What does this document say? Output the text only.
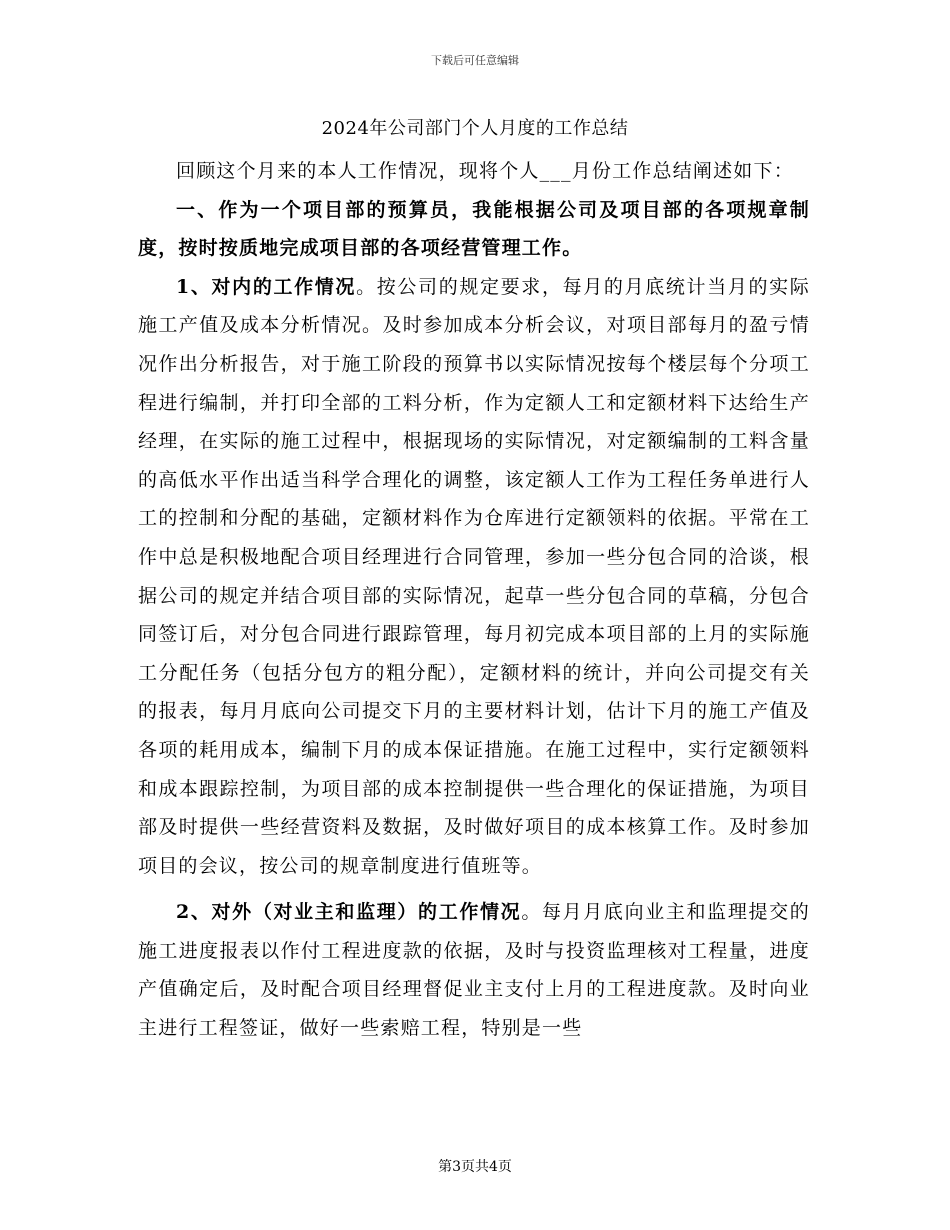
下载后可任意编辑
2024年公司部门个人月度的工作总结

回顾这个月来的本人工作情况，现将个人___月份工作总结阐述如下：

一、作为一个项目部的预算员，我能根据公司及项目部的各项规章制度，按时按质地完成项目部的各项经营管理工作。

1、对内的工作情况。按公司的规定要求，每月的月底统计当月的实际施工产值及成本分析情况。及时参加成本分析会议，对项目部每月的盈亏情况作出分析报告，对于施工阶段的预算书以实际情况按每个楼层每个分项工程进行编制，并打印全部的工料分析，作为定额人工和定额材料下达给生产经理，在实际的施工过程中，根据现场的实际情况，对定额编制的工料含量的高低水平作出适当科学合理化的调整，该定额人工作为工程任务单进行人工的控制和分配的基础，定额材料作为仓库进行定额领料的依据。平常在工作中总是积极地配合项目经理进行合同管理，参加一些分包合同的洽谈，根据公司的规定并结合项目部的实际情况，起草一些分包合同的草稿，分包合同签订后，对分包合同进行跟踪管理，每月初完成本项目部的上月的实际施工分配任务（包括分包方的粗分配），定额材料的统计，并向公司提交有关的报表，每月月底向公司提交下月的主要材料计划，估计下月的施工产值及各项的耗用成本，编制下月的成本保证措施。在施工过程中，实行定额领料和成本跟踪控制，为项目部的成本控制提供一些合理化的保证措施，为项目部及时提供一些经营资料及数据，及时做好项目的成本核算工作。及时参加项目的会议，按公司的规章制度进行值班等。

2、对外（对业主和监理）的工作情况。每月月底向业主和监理提交的施工进度报表以作付工程进度款的依据，及时与投资监理核对工程量，进度产值确定后，及时配合项目经理督促业主支付上月的工程进度款。及时向业主进行工程签证，做好一些索赔工程，特别是一些

第3页共4页
